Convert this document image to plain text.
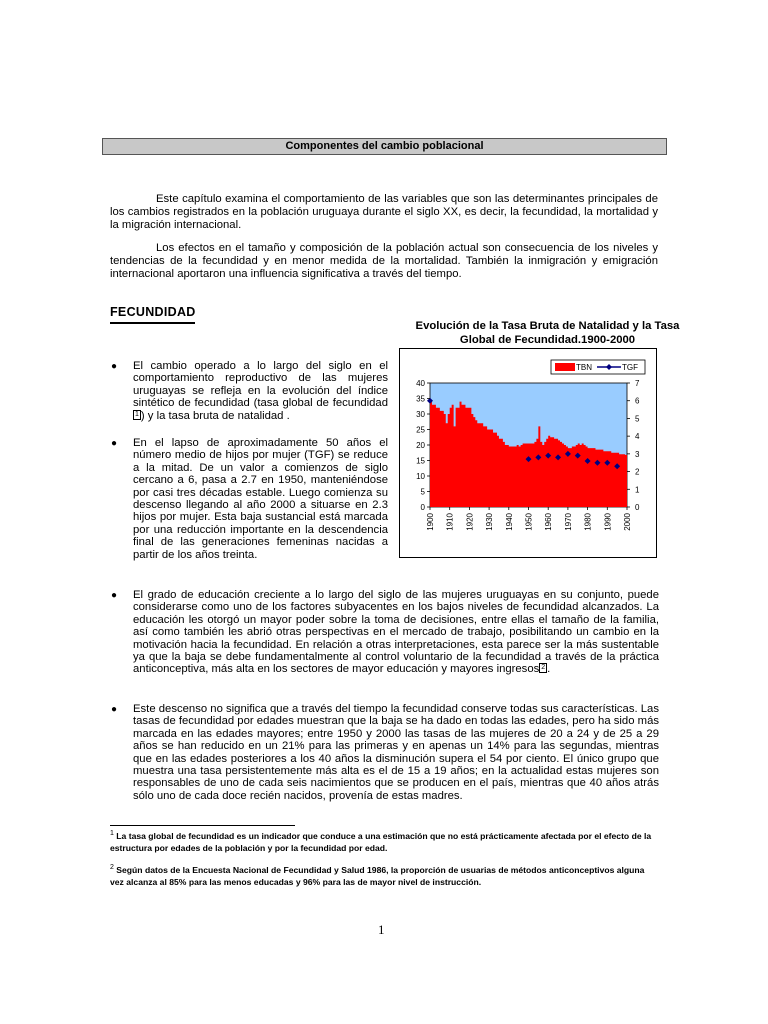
Componentes del cambio poblacional

Este capítulo examina el comportamiento de las variables que son las determinantes principales de los cambios registrados en la población uruguaya durante el siglo XX, es decir, la fecundidad, la mortalidad y la migración internacional.

Los efectos en el tamaño y composición de la población actual son consecuencia de los niveles y tendencias de la fecundidad y en menor medida de la mortalidad. También la inmigración y emigración internacional aportaron una influencia significativa a través del tiempo.

FECUNDIDAD
Evolución de la Tasa Bruta de Natalidad y la Tasa Global de Fecundidad.1900-2000
● El cambio operado a lo largo del siglo en el comportamiento reproductivo de las mujeres uruguayas se refleja en la evolución del índice sintético de fecundidad (tasa global de fecundidad1 ) y la tasa bruta de natalidad .

● En el lapso de aproximadamente 50 años el número medio de hijos por mujer (TGF) se reduce a la mitad. De un valor a comienzos de siglo cercano a 6, pasa a 2.7 en 1950, manteniéndose por casi tres décadas estable. Luego comienza su descenso llegando al año 2000 a situarse en 2.3 hijos por mujer. Esta baja sustancial está marcada por una reducción importante en la descendencia final de las generaciones femeninas nacidas a partir de los años treinta.

● El grado de educación creciente a lo largo del siglo de las mujeres uruguayas en su conjunto, puede considerarse como uno de los factores subyacentes en los bajos niveles de fecundidad alcanzados. La educación les otorgó un mayor poder sobre la toma de decisiones, entre ellas el tamaño de la familia, así como también les abrió otras perspectivas en el mercado de trabajo, posibilitando un cambio en la motivación hacia la fecundidad. En relación a otras interpretaciones, esta parece ser la más sustentable ya que la baja se debe fundamentalmente al control voluntario de la fecundidad a través de la práctica anticonceptiva, más alta en los sectores de mayor educación y mayores ingresos 2 .

● Este descenso no significa que a través del tiempo la fecundidad conserve todas sus características. Las tasas de fecundidad por edades muestran que la baja se ha dado en todas las edades, pero ha sido más marcada en las edades mayores; entre 1950 y 2000 las tasas de las mujeres de 20 a 24 y de 25 a 29 años se han reducido en un 21% para las primeras y en apenas un 14% para las segundas, mientras que en las edades posteriores a los 40 años la disminución supera el 54 por ciento. El único grupo que muestra una tasa persistentemente más alta es el de 15 a 19 años; en la actualidad estas mujeres son responsables de uno de cada seis nacimientos que se producen en el país, mientras que 40 años atrás sólo uno de cada doce recién nacidos, provenía de estas madres.

0
5
10
15
20
25
30
35
40
0
1
2
3
4
5
6
7
1900 1910 1920 1930 1940 1950 1960 1970 1980 1990 2000
TBN	TGF

$^1$ La tasa global de fecundidad es un indicador que conduce a una estimación que no está prácticamente afectada por el efecto de la estructura por edades de la población y por la fecundidad por edad.

$^2$ Según datos de la Encuesta Nacional de Fecundidad y Salud 1986, la proporción de usuarias de métodos anticonceptivos alguna vez alcanza al 85% para las menos educadas y 96% para las de mayor nivel de instrucción.

1
